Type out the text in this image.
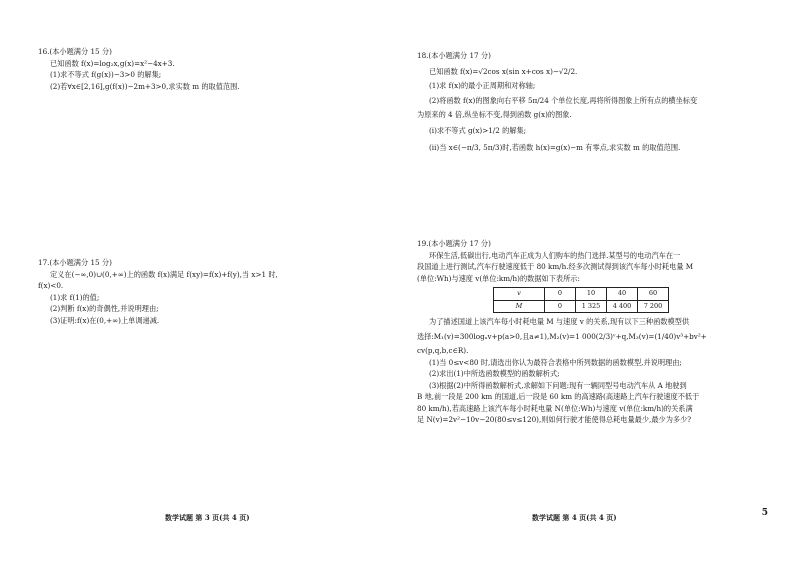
16.(本小题满分 15 分)
已知函数 f(x)=log₂x,g(x)=x²−4x+3.
(1)求不等式 f(g(x))−3>0 的解集;
(2)若∀x∈[2,16],g(f(x))−2m+3>0,求实数 m 的取值范围.
17.(本小题满分 15 分)
定义在(−∞,0)∪(0,+∞)上的函数 f(x)满足 f(xy)=f(x)+f(y),当 x>1 时,
f(x)<0.
(1)求 f(1)的值;
(2)判断 f(x)的奇偶性,并说明理由;
(3)证明:f(x)在(0,+∞)上单调递减.
数学试题 第 3 页(共 4 页)
18.(本小题满分 17 分)
已知函数 f(x)=√2cos x(sin x+cos x)−√2/2.
(1)求 f(x)的最小正周期和对称轴;
(2)将函数 f(x)的图象向右平移 5π/24 个单位长度,再将所得图象上所有点的横坐标变
为原来的 4 倍,纵坐标不变,得到函数 g(x)的图象.
(ⅰ)求不等式 g(x)>1/2 的解集;
(ⅱ)当 x∈(−π/3, 5π/3)时,若函数 h(x)=g(x)−m 有零点,求实数 m 的取值范围.
19.(本小题满分 17 分)
环保生活,低碳出行,电动汽车正成为人们购车的热门选择.某型号的电动汽车在一
段国道上进行测试,汽车行驶速度低于 80 km/h.经多次测试得到该汽车每小时耗电量 M
(单位:Wh)与速度 v(单位:km/h)的数据如下表所示:
v	0	10	40	60
M	0	1 325	4 400	7 200
为了描述国道上该汽车每小时耗电量 M 与速度 v 的关系,现有以下三种函数模型供
选择:M₁(v)=300logₐv+p(a>0,且a≠1),M₂(v)=1 000(2/3)ᵛ+q,M₃(v)=(1/40)v³+bv²+
cv(p,q,b,c∈R).
(1)当 0≤v<80 时,请选出你认为最符合表格中所列数据的函数模型,并说明理由;
(2)求出(1)中所选函数模型的函数解析式;
(3)根据(2)中所得函数解析式,求解如下问题:现有一辆同型号电动汽车从 A 地驶到
B 地,前一段是 200 km 的国道,后一段是 60 km 的高速路(高速路上汽车行驶速度不低于
80 km/h),若高速路上该汽车每小时耗电量 N(单位:Wh)与速度 v(单位:km/h)的关系满
足 N(v)=2v²−10v−20(80≤v≤120),则如何行驶才能使得总耗电量最少,最少为多少?
数学试题 第 4 页(共 4 页)	5
